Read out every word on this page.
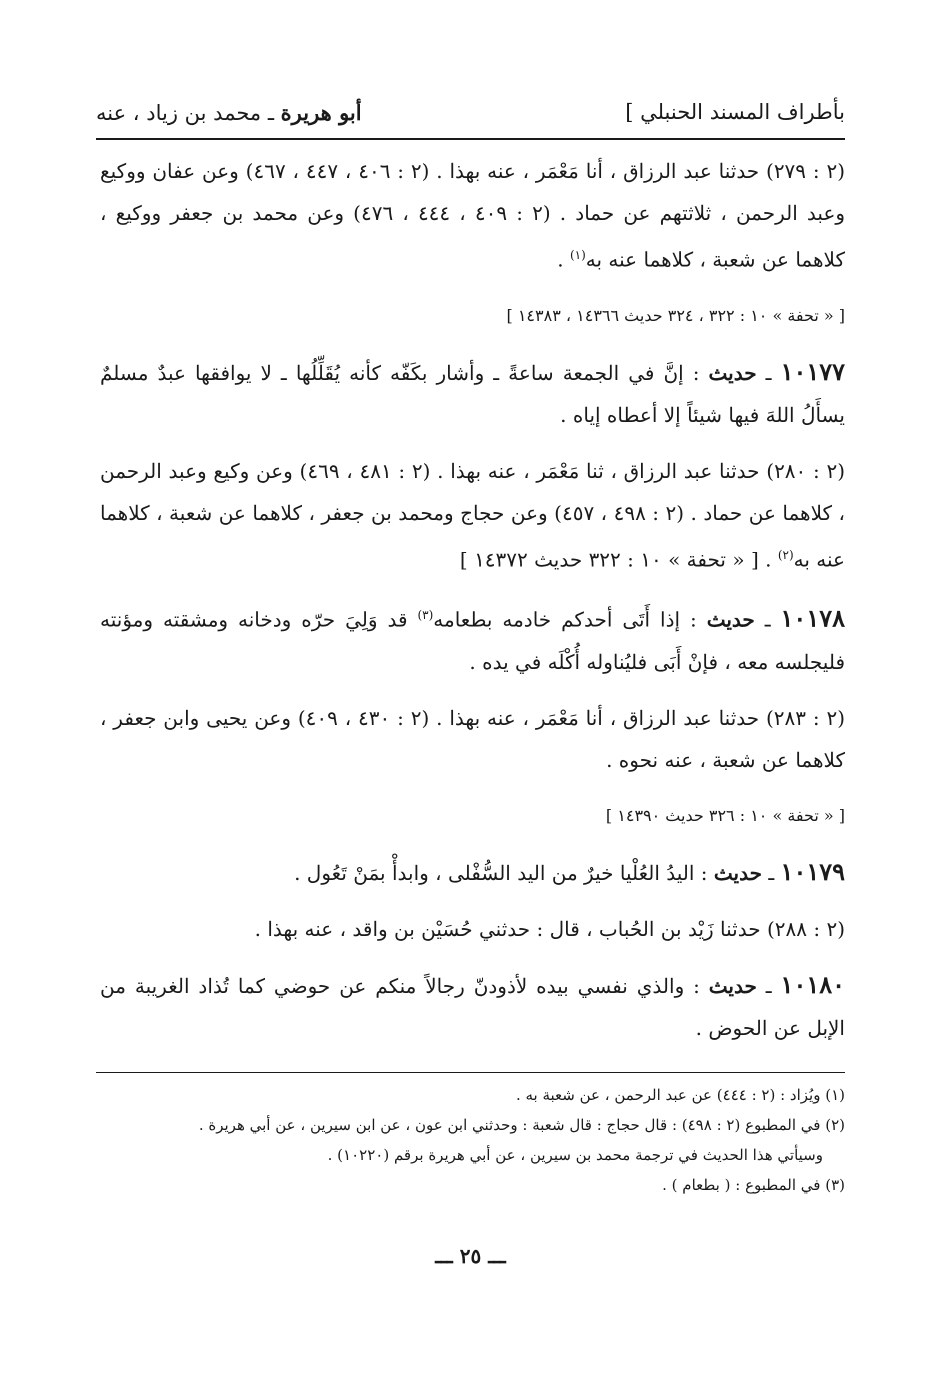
بأطراف المسند الحنبلي ]
أبو هريرة ـ محمد بن زياد ، عنه

(٢ : ٢٧٩) حدثنا عبد الرزاق ، أنا مَعْمَر ، عنه بهذا . (٢ : ٤٠٦ ، ٤٤٧ ، ٤٦٧) وعن عفان ووكيع وعبد الرحمن ، ثلاثتهم عن حماد . (٢ : ٤٠٩ ، ٤٤٤ ، ٤٧٦) وعن محمد بن جعفر ووكيع ، كلاهما عن شعبة ، كلاهما عنه به$^{(١)}$ .

[ « تحفة » ١٠ : ٣٢٢ ، ٣٢٤ حديث ١٤٣٦٦ ، ١٤٣٨٣ ]

١٠١٧٧ ـ حديث : إنَّ في الجمعة ساعةً ـ وأشار بكَفّه كأنه يُقَلِّلُها ـ لا يوافقها عبدٌ مسلمٌ يسأَلُ اللهَ فيها شيئاً إلا أعطاه إياه .

(٢ : ٢٨٠) حدثنا عبد الرزاق ، ثنا مَعْمَر ، عنه بهذا . (٢ : ٤٨١ ، ٤٦٩) وعن وكيع وعبد الرحمن ، كلاهما عن حماد . (٢ : ٤٩٨ ، ٤٥٧) وعن حجاج ومحمد بن جعفر ، كلاهما عن شعبة ، كلاهما عنه به$^{(٢)}$ . [ « تحفة » ١٠ : ٣٢٢ حديث ١٤٣٧٢ ]

١٠١٧٨ ـ حديث : إذا أَتَى أحدكم خادمه بطعامه$^{(٣)}$ قد وَلِيَ حرّه ودخانه ومشقته ومؤنته فليجلسه معه ، فإنْ أَبَى فليُناوله أُكْلَه في يده .

(٢ : ٢٨٣) حدثنا عبد الرزاق ، أنا مَعْمَر ، عنه بهذا . (٢ : ٤٣٠ ، ٤٠٩) وعن يحيى وابن جعفر ، كلاهما عن شعبة ، عنه نحوه .

[ « تحفة » ١٠ : ٣٢٦ حديث ١٤٣٩٠ ]

١٠١٧٩ ـ حديث : اليدُ العُلْيا خيرٌ من اليد السُّفْلى ، وابدأْ بمَنْ تَعُول .

(٢ : ٢٨٨) حدثنا زَيْد بن الحُباب ، قال : حدثني حُسَيْن بن واقد ، عنه بهذا .

١٠١٨٠ ـ حديث : والذي نفسي بيده لأذودنّ رجالاً منكم عن حوضي كما تُذاد الغريبة من الإبل عن الحوض .

(١) ويُزاد : (٢ : ٤٤٤) عن عبد الرحمن ، عن شعبة به .

(٢) في المطبوع (٢ : ٤٩٨) : قال حجاج : قال شعبة : وحدثني ابن عون ، عن ابن سيرين ، عن أبي هريرة .

وسيأتي هذا الحديث في ترجمة محمد بن سيرين ، عن أبي هريرة برقم (١٠٢٢٠) .

(٣) في المطبوع : ( بطعام ) .

ـــ ٢٥ ـــ
